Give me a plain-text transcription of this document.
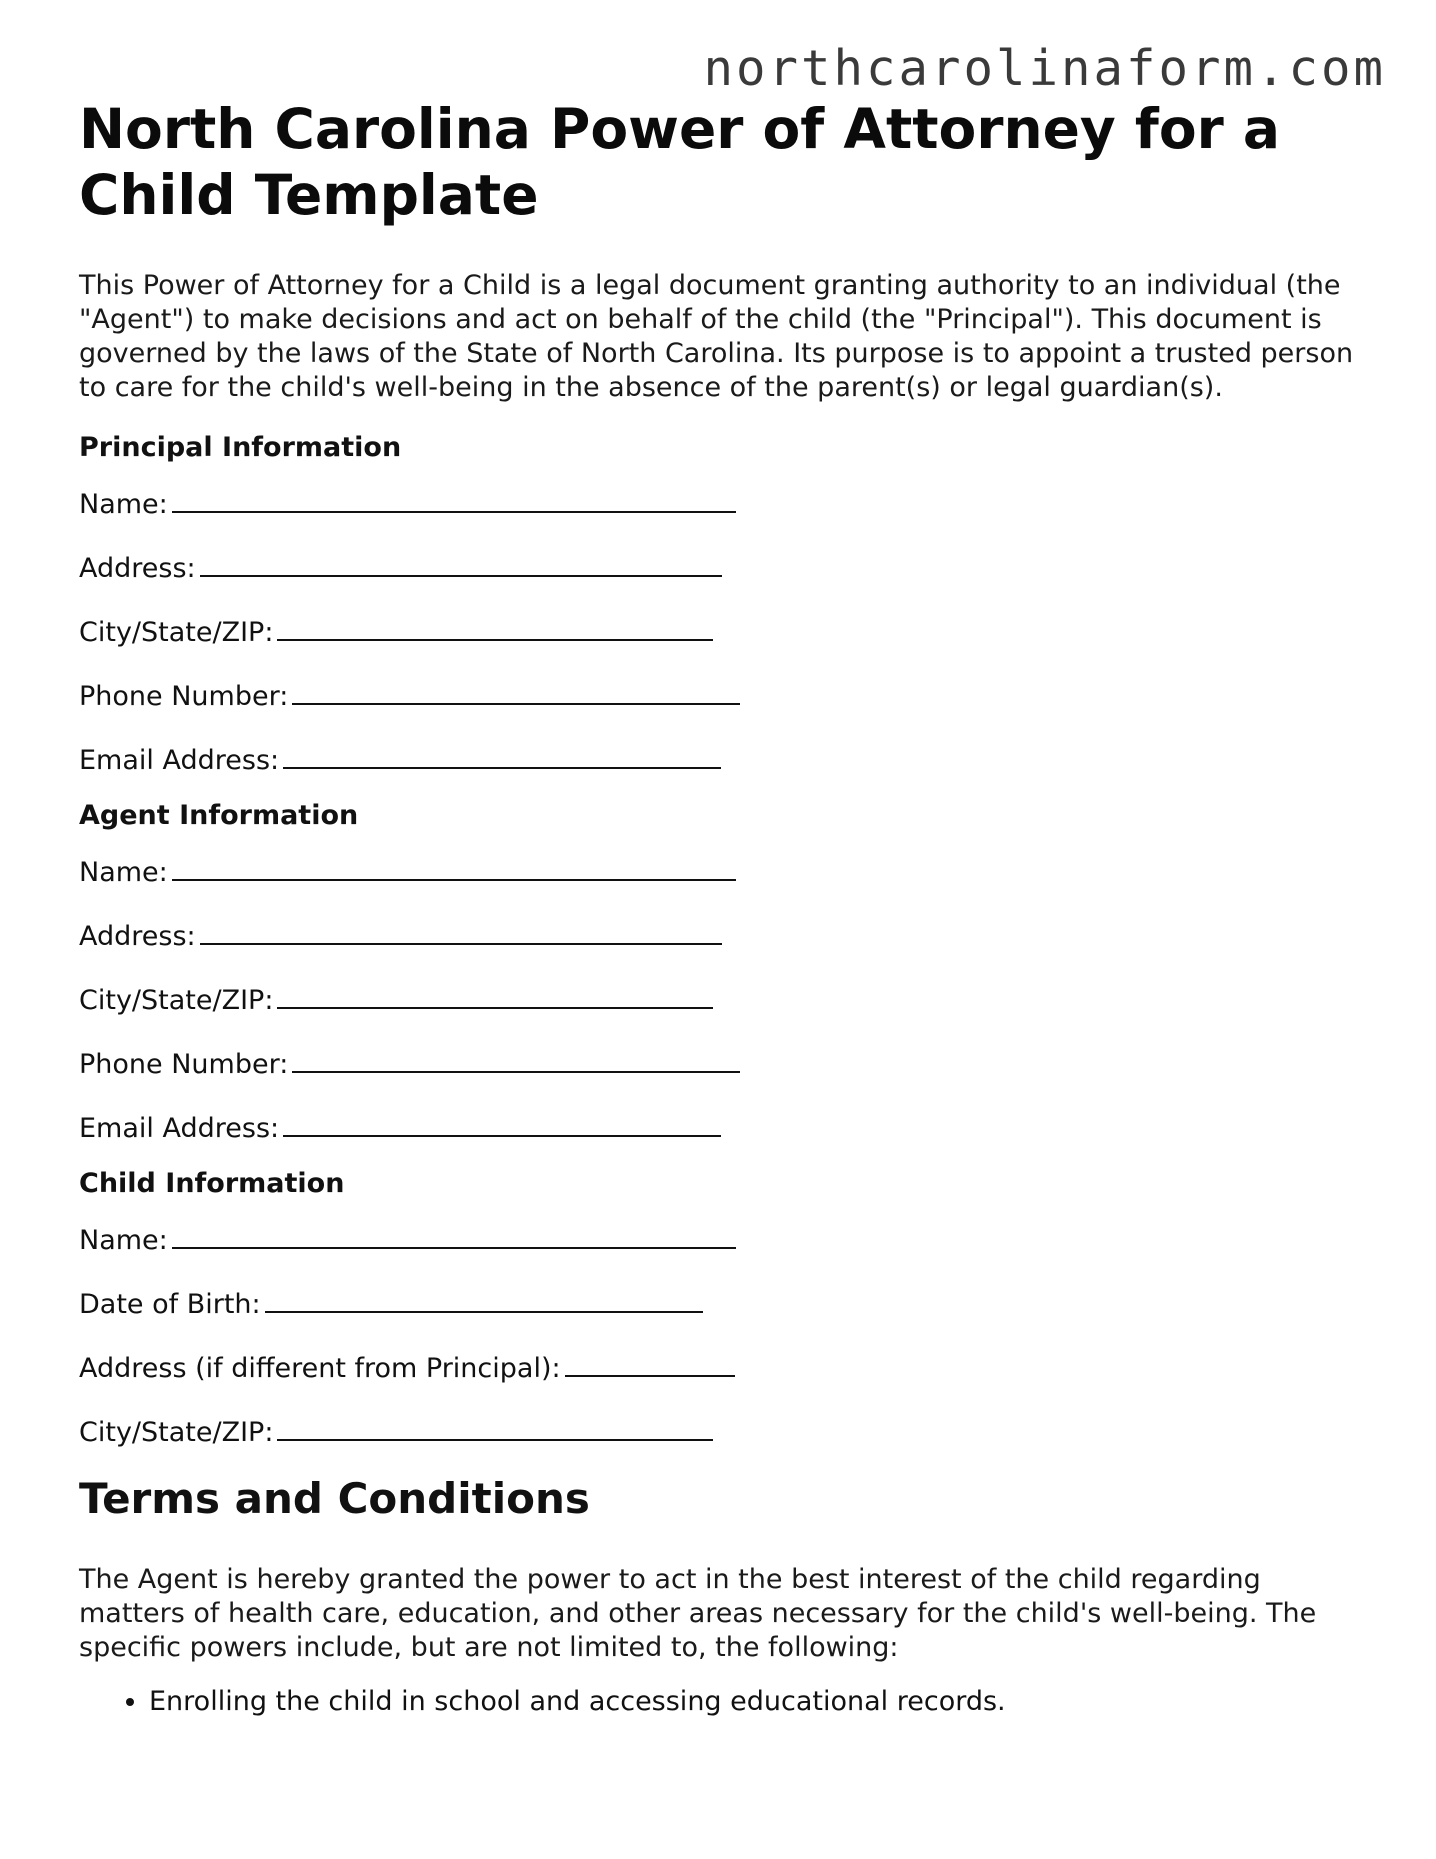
northcarolinaform.com
North Carolina Power of Attorney for a Child Template

This Power of Attorney for a Child is a legal document granting authority to an individual (the "Agent") to make decisions and act on behalf of the child (the "Principal"). This document is governed by the laws of the State of North Carolina. Its purpose is to appoint a trusted person to care for the child's well-being in the absence of the parent(s) or legal guardian(s).

Principal Information
Name:
Address:
City/State/ZIP:
Phone Number:
Email Address:
Agent Information
Name:
Address:
City/State/ZIP:
Phone Number:
Email Address:
Child Information
Name:
Date of Birth:
Address (if different from Principal):
City/State/ZIP:
Terms and Conditions

The Agent is hereby granted the power to act in the best interest of the child regarding matters of health care, education, and other areas necessary for the child's well-being. The specific powers include, but are not limited to, the following:

• Enrolling the child in school and accessing educational records.
